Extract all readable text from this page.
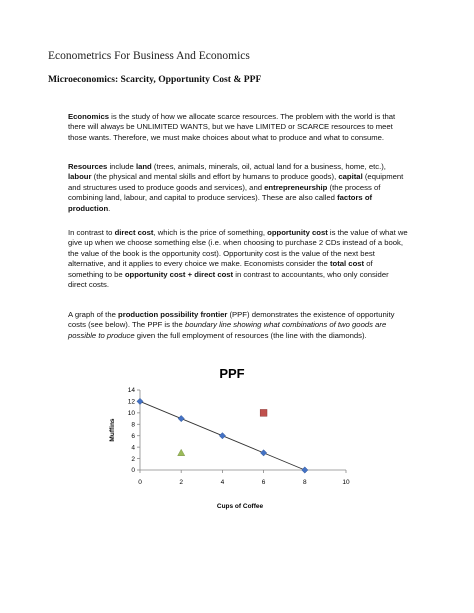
Econometrics For Business And Economics
Microeconomics: Scarcity, Opportunity Cost & PPF
Economics is the study of how we allocate scarce resources. The problem with the world is that there will always be UNLIMITED WANTS, but we have LIMITED or SCARCE resources to meet those wants. Therefore, we must make choices about what to produce and what to consume.
Resources include land (trees, animals, minerals, oil, actual land for a business, home, etc.), labour (the physical and mental skills and effort by humans to produce goods), capital (equipment and structures used to produce goods and services), and entrepreneurship (the process of combining land, labour, and capital to produce services). These are also called factors of production.
In contrast to direct cost, which is the price of something, opportunity cost is the value of what we give up when we choose something else (i.e. when choosing to purchase 2 CDs instead of a book, the value of the book is the opportunity cost). Opportunity cost is the value of the next best alternative, and it applies to every choice we make. Economists consider the total cost of something to be opportunity cost + direct cost in contrast to accountants, who only consider direct costs.
A graph of the production possibility frontier (PPF) demonstrates the existence of opportunity costs (see below). The PPF is the boundary line showing what combinations of two goods are possible to produce given the full employment of resources (the line with the diamonds).
PPF
0
2
4
6
8
10
12
14
0	2	4	6	8	10
Muffins
Cups of Coffee
